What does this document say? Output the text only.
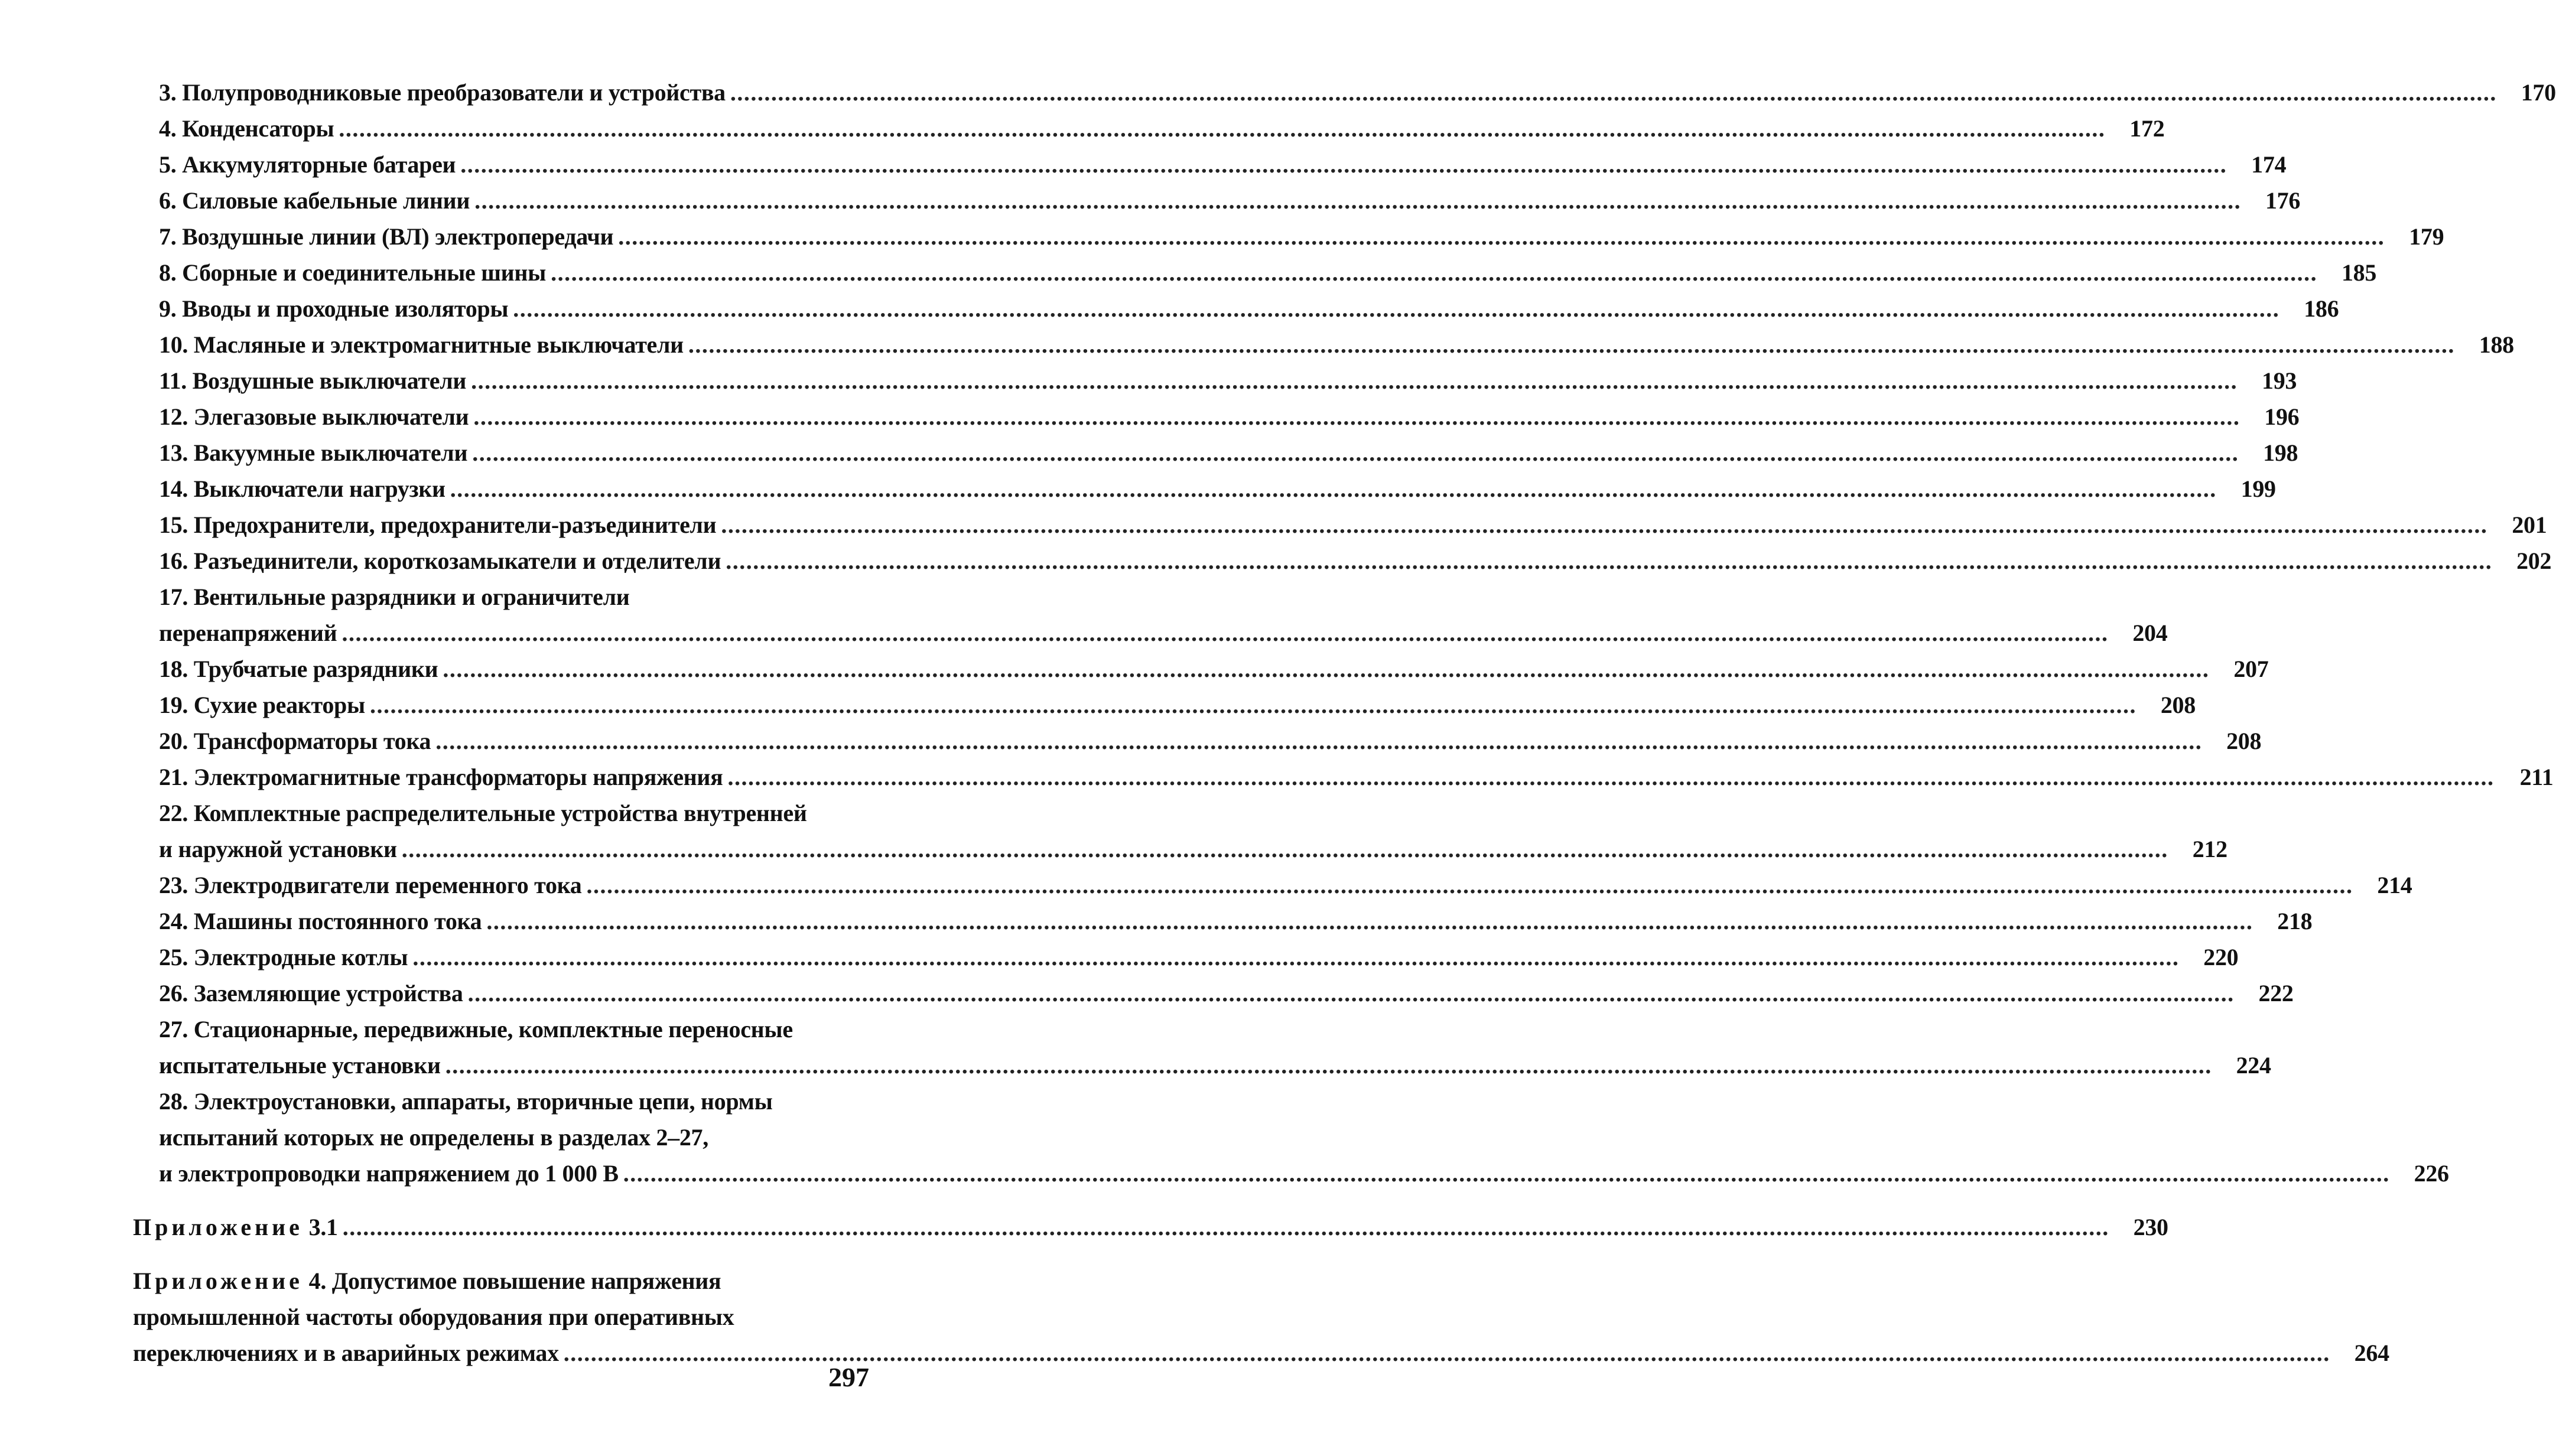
3. Полупроводниковые преобразователи и устройства ....................................................................................................................................................................................................................................................................	170
4. Конденсаторы ....................................................................................................................................................................................................................................................................	172
5. Аккумуляторные батареи ....................................................................................................................................................................................................................................................................	174
6. Силовые кабельные линии ....................................................................................................................................................................................................................................................................	176
7. Воздушные линии (ВЛ) электропередачи ....................................................................................................................................................................................................................................................................	179
8. Сборные и соединительные шины ....................................................................................................................................................................................................................................................................	185
9. Вводы и проходные изоляторы ....................................................................................................................................................................................................................................................................	186
10. Масляные и электромагнитные выключатели ....................................................................................................................................................................................................................................................................	188
11. Воздушные выключатели ....................................................................................................................................................................................................................................................................	193
12. Элегазовые выключатели ....................................................................................................................................................................................................................................................................	196
13. Вакуумные выключатели ....................................................................................................................................................................................................................................................................	198
14. Выключатели нагрузки ....................................................................................................................................................................................................................................................................	199
15. Предохранители, предохранители-разъединители ....................................................................................................................................................................................................................................................................	201
16. Разъединители, короткозамыкатели и отделители ....................................................................................................................................................................................................................................................................	202
17. Вентильные разрядники и ограничители
перенапряжений ....................................................................................................................................................................................................................................................................	204
18. Трубчатые разрядники ....................................................................................................................................................................................................................................................................	207
19. Сухие реакторы ....................................................................................................................................................................................................................................................................	208
20. Трансформаторы тока ....................................................................................................................................................................................................................................................................	208
21. Электромагнитные трансформаторы напряжения ....................................................................................................................................................................................................................................................................	211
22. Комплектные распределительные устройства внутренней
и наружной установки ....................................................................................................................................................................................................................................................................	212
23. Электродвигатели переменного тока ....................................................................................................................................................................................................................................................................	214
24. Машины постоянного тока ....................................................................................................................................................................................................................................................................	218
25. Электродные котлы ....................................................................................................................................................................................................................................................................	220
26. Заземляющие устройства ....................................................................................................................................................................................................................................................................	222
27. Стационарные, передвижные, комплектные переносные
испытательные установки ....................................................................................................................................................................................................................................................................	224
28. Электроустановки, аппараты, вторичные цепи, нормы
испытаний которых не определены в разделах 2–27,
и электропроводки напряжением до 1 000 В ....................................................................................................................................................................................................................................................................	226
Приложение 3.1 ....................................................................................................................................................................................................................................................................	230
Приложение 4. Допустимое повышение напряжения
промышленной частоты оборудования при оперативных
переключениях и в аварийных режимах ....................................................................................................................................................................................................................................................................	264
297
